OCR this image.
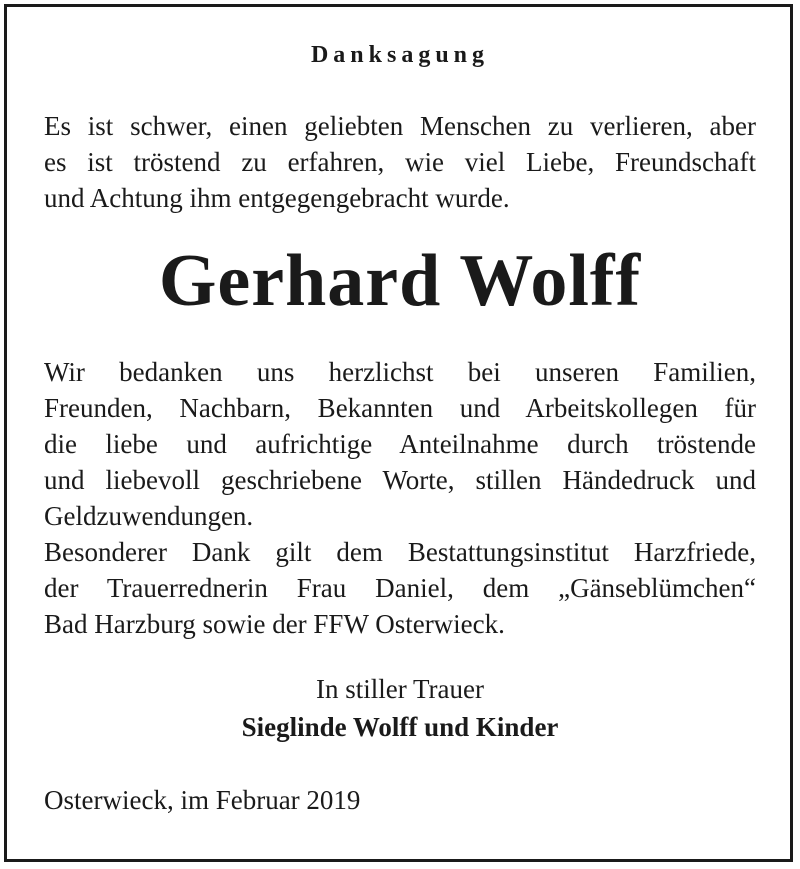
Danksagung
Es ist schwer, einen geliebten Menschen zu verlieren, aber
es ist tröstend zu erfahren, wie viel Liebe, Freundschaft
und Achtung ihm entgegengebracht wurde.
Gerhard Wolff
Wir bedanken uns herzlichst bei unseren Familien,
Freunden, Nachbarn, Bekannten und Arbeitskollegen für
die liebe und aufrichtige Anteilnahme durch tröstende
und liebevoll geschriebene Worte, stillen Händedruck und
Geldzuwendungen.
Besonderer Dank gilt dem Bestattungsinstitut Harzfriede,
der Trauerrednerin Frau Daniel, dem „Gänseblümchen“
Bad Harzburg sowie der FFW Osterwieck.
In stiller Trauer
Sieglinde Wolff und Kinder
Osterwieck, im Februar 2019
